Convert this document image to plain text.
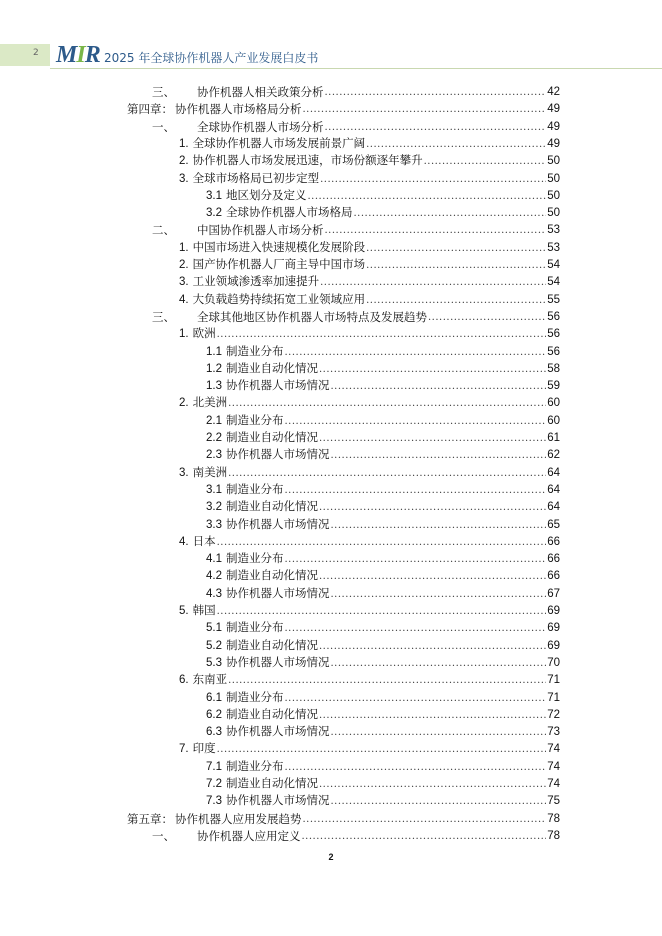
2 MIR 2025 年全球协作机器人产业发展白皮书
三、 协作机器人相关政策分析 .....	42
第四章： 协作机器人市场格局分析 .....	49
一、 全球协作机器人市场分析 .....	49
1. 全球协作机器人市场发展前景广阔 .....	49
2. 协作机器人市场发展迅速，市场份额逐年攀升 .....	50
3. 全球市场格局已初步定型 .....	50
3.1 地区划分及定义 .....	50
3.2 全球协作机器人市场格局 .....	50
二、 中国协作机器人市场分析 .....	53
1. 中国市场进入快速规模化发展阶段 .....	53
2. 国产协作机器人厂商主导中国市场 .....	54
3. 工业领域渗透率加速提升 .....	54
4. 大负载趋势持续拓宽工业领域应用 .....	55
三、 全球其他地区协作机器人市场特点及发展趋势 .....	56
1. 欧洲 .....	56
1.1 制造业分布 .....	56
1.2 制造业自动化情况 .....	58
1.3 协作机器人市场情况 .....	59
2. 北美洲 .....	60
2.1 制造业分布 .....	60
2.2 制造业自动化情况 .....	61
2.3 协作机器人市场情况 .....	62
3. 南美洲 .....	64
3.1 制造业分布 .....	64
3.2 制造业自动化情况 .....	64
3.3 协作机器人市场情况 .....	65
4. 日本 .....	66
4.1 制造业分布 .....	66
4.2 制造业自动化情况 .....	66
4.3 协作机器人市场情况 .....	67
5. 韩国 .....	69
5.1 制造业分布 .....	69
5.2 制造业自动化情况 .....	69
5.3 协作机器人市场情况 .....	70
6. 东南亚 .....	71
6.1 制造业分布 .....	71
6.2 制造业自动化情况 .....	72
6.3 协作机器人市场情况 .....	73
7. 印度 .....	74
7.1 制造业分布 .....	74
7.2 制造业自动化情况 .....	74
7.3 协作机器人市场情况 .....	75
第五章： 协作机器人应用发展趋势 .....	78
一、 协作机器人应用定义 .....	78
2
